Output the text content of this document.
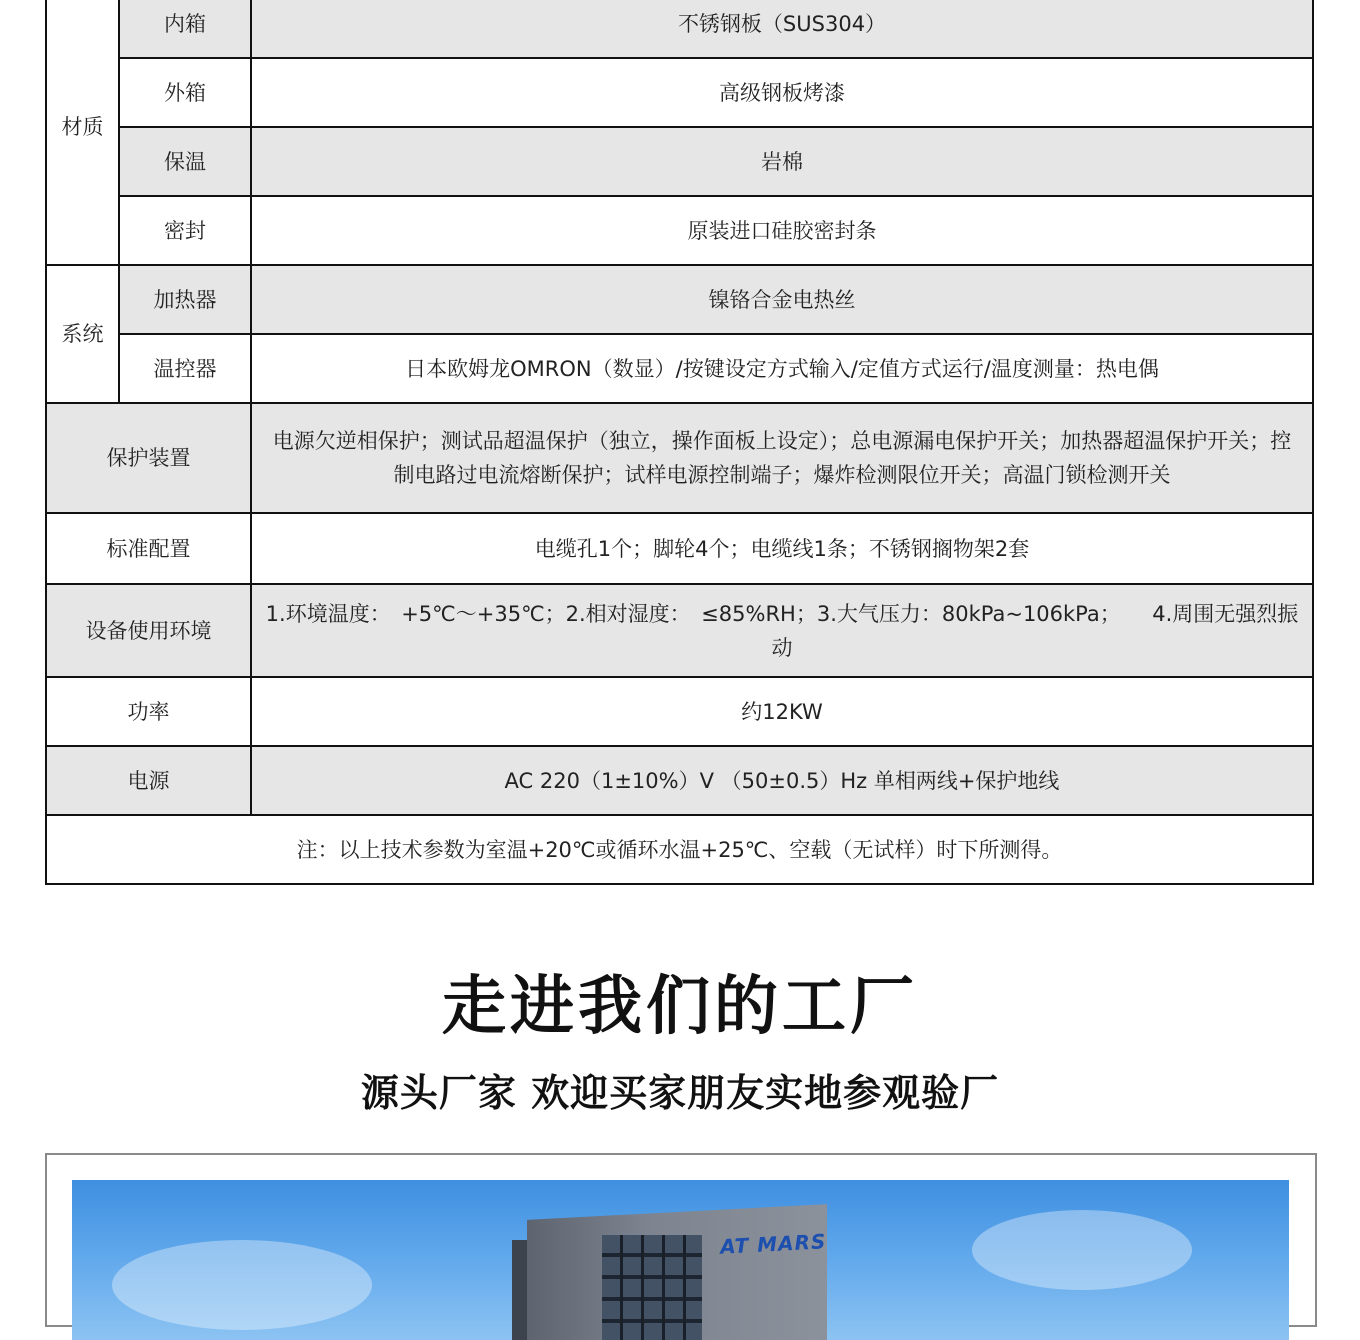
材质	内箱	不锈钢板（SUS304）
	外箱	高级钢板烤漆
	保温	岩棉
	密封	原装进口硅胶密封条
系统	加热器	镍铬合金电热丝
	温控器	日本欧姆龙OMRON（数显）/按键设定方式输入/定值方式运行/温度测量：热电偶
保护装置		电源欠逆相保护；测试品超温保护（独立，操作面板上设定）；总电源漏电保护开关；加热器超温保护开关；控制电路过电流熔断保护；试样电源控制端子；爆炸检测限位开关；高温门锁检测开关
标准配置		电缆孔1个；脚轮4个；电缆线1条；不锈钢搁物架2套
设备使用环境		1.环境温度：　+5℃～+35℃；2.相对湿度：　≤85%RH；3.大气压力：80kPa~106kPa；　　4.周围无强烈振动
功率		约12KW
电源		AC 220（1±10%）V （50±0.5）Hz 单相两线+保护地线
注：以上技术参数为室温+20℃或循环水温+25℃、空载（无试样）时下所测得。		
走进我们的工厂
源头厂家 欢迎买家朋友实地参观验厂
AT MARS
